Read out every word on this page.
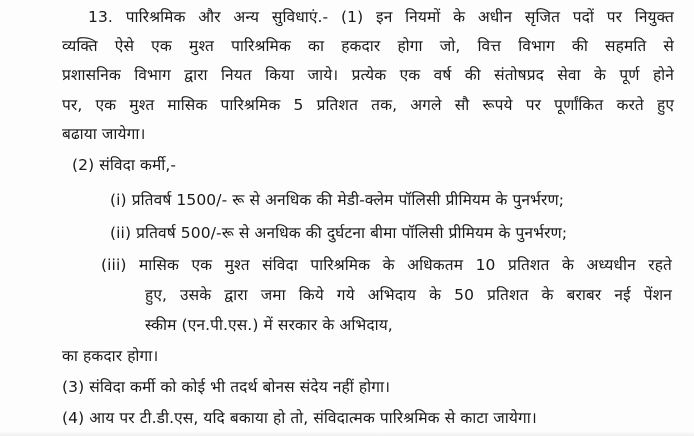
13. पारिश्रमिक और अन्य सुविधाएं.- (1) इन नियमों के अधीन सृजित पदों पर नियुक्त
व्यक्ति ऐसे एक मुश्त पारिश्रमिक का हकदार होगा जो, वित्त विभाग की सहमति से
प्रशासनिक विभाग द्वारा नियत किया जाये। प्रत्येक एक वर्ष की संतोषप्रद सेवा के पूर्ण होने
पर, एक मुश्त मासिक पारिश्रमिक 5 प्रतिशत तक, अगले सौ रूपये पर पूर्णांकित करते हुए
बढाया जायेगा।
(2) संविदा कर्मी,-
(i) प्रतिवर्ष 1500/- रू से अनधिक की मेडी-क्लेम पॉलिसी प्रीमियम के पुनर्भरण;
(ii) प्रतिवर्ष 500/-रू से अनधिक की दुर्घटना बीमा पॉलिसी प्रीमियम के पुनर्भरण;
(iii) मासिक एक मुश्त संविदा पारिश्रमिक के अधिकतम 10 प्रतिशत के अध्यधीन रहते
हुए, उसके द्वारा जमा किये गये अभिदाय के 50 प्रतिशत के बराबर नई पेंशन
स्कीम (एन.पी.एस.) में सरकार के अभिदाय,
का हकदार होगा।
(3) संविदा कर्मी को कोई भी तदर्थ बोनस संदेय नहीं होगा।
(4) आय पर टी.डी.एस, यदि बकाया हो तो, संविदात्मक पारिश्रमिक से काटा जायेगा।
